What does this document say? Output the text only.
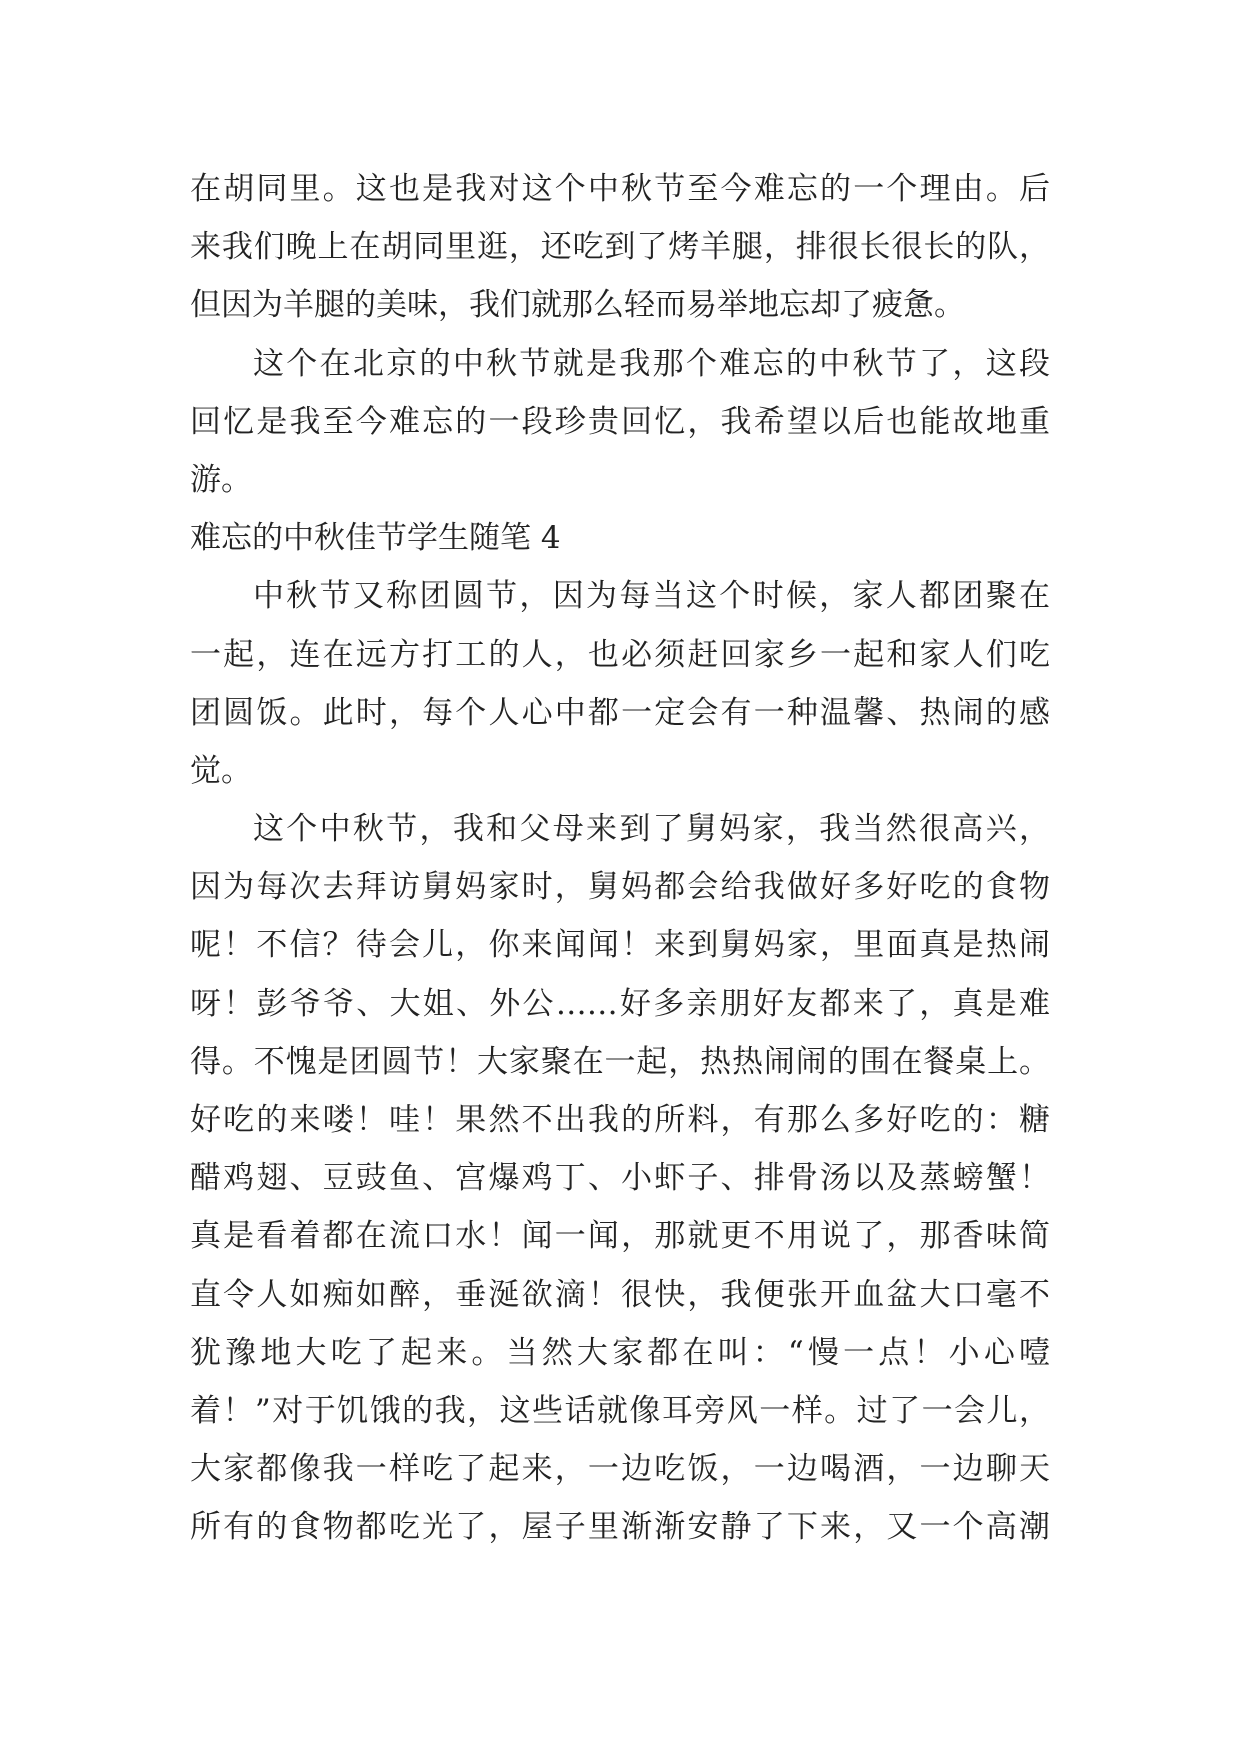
在胡同里。这也是我对这个中秋节至今难忘的一个理由。后
来我们晚上在胡同里逛，还吃到了烤羊腿，排很长很长的队，
但因为羊腿的美味，我们就那么轻而易举地忘却了疲惫。
这个在北京的中秋节就是我那个难忘的中秋节了，这段
回忆是我至今难忘的一段珍贵回忆，我希望以后也能故地重
游。
难忘的中秋佳节学生随笔 4
中秋节又称团圆节，因为每当这个时候，家人都团聚在
一起，连在远方打工的人，也必须赶回家乡一起和家人们吃
团圆饭。此时，每个人心中都一定会有一种温馨、热闹的感
觉。
这个中秋节，我和父母来到了舅妈家，我当然很高兴，
因为每次去拜访舅妈家时，舅妈都会给我做好多好吃的食物
呢！不信？待会儿，你来闻闻！来到舅妈家，里面真是热闹
呀！彭爷爷、大姐、外公……好多亲朋好友都来了，真是难
得。不愧是团圆节！大家聚在一起，热热闹闹的围在餐桌上。
好吃的来喽！哇！果然不出我的所料，有那么多好吃的：糖
醋鸡翅、豆豉鱼、宫爆鸡丁、小虾子、排骨汤以及蒸螃蟹！
真是看着都在流口水！闻一闻，那就更不用说了，那香味简
直令人如痴如醉，垂涎欲滴！很快，我便张开血盆大口毫不
犹豫地大吃了起来。当然大家都在叫：“慢一点！小心噎
着！”对于饥饿的我，这些话就像耳旁风一样。过了一会儿，
大家都像我一样吃了起来，一边吃饭，一边喝酒，一边聊天
所有的食物都吃光了，屋子里渐渐安静了下来，又一个高潮
